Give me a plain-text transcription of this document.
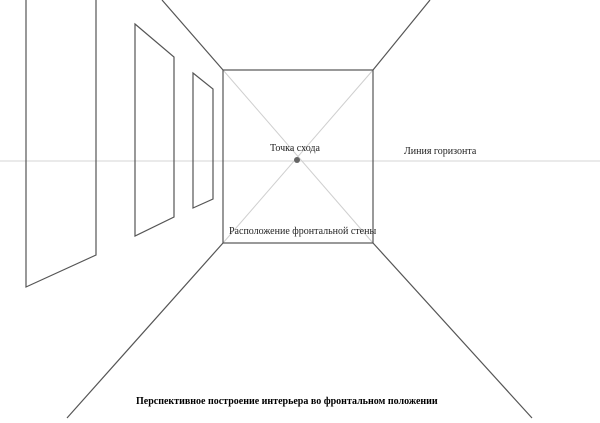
Точка схода	Линия горизонта
Расположение фронтальной стены
Перспективное построение интерьера во фронтальном положении
